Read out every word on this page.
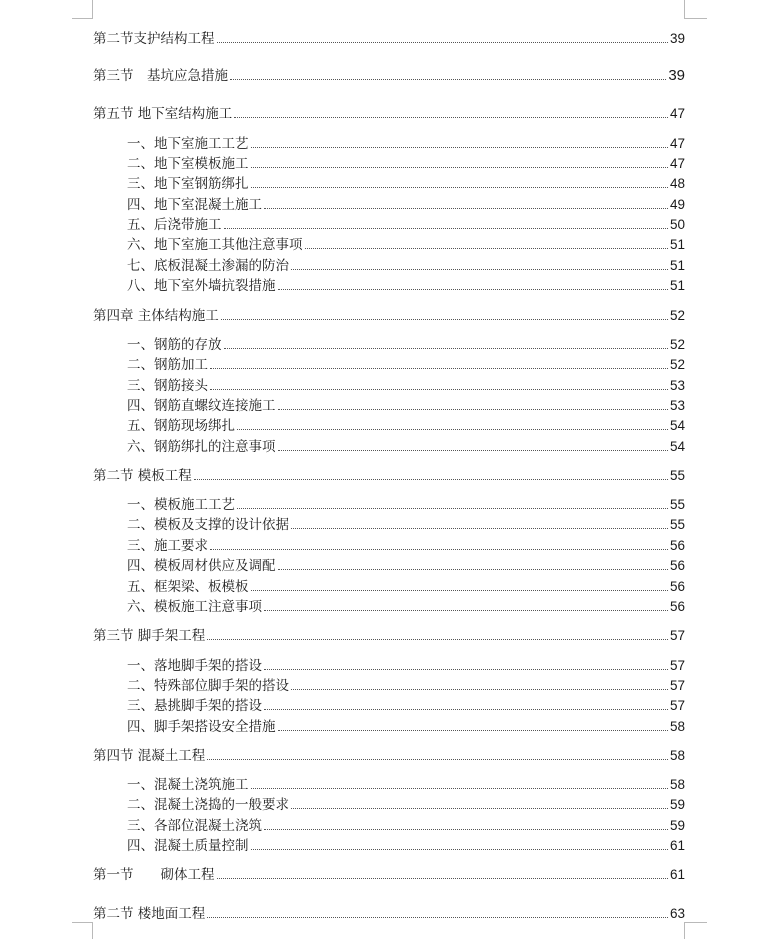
第二节支护结构工程	39
第三节　基坑应急措施	39
第五节 地下室结构施工	47
一、地下室施工工艺	47
二、地下室模板施工	47
三、地下室钢筋绑扎	48
四、地下室混凝土施工	49
五、后浇带施工	50
六、地下室施工其他注意事项	51
七、底板混凝土渗漏的防治	51
八、地下室外墙抗裂措施	51
第四章 主体结构施工	52
一、钢筋的存放	52
二、钢筋加工	52
三、钢筋接头	53
四、钢筋直螺纹连接施工	53
五、钢筋现场绑扎	54
六、钢筋绑扎的注意事项	54
第二节 模板工程	55
一、模板施工工艺	55
二、模板及支撑的设计依据	55
三、施工要求	56
四、模板周材供应及调配	56
五、框架梁、板模板	56
六、模板施工注意事项	56
第三节 脚手架工程	57
一、落地脚手架的搭设	57
二、特殊部位脚手架的搭设	57
三、悬挑脚手架的搭设	57
四、脚手架搭设安全措施	58
第四节 混凝土工程	58
一、混凝土浇筑施工	58
二、混凝土浇捣的一般要求	59
三、各部位混凝土浇筑	59
四、混凝土质量控制	61
第一节　　砌体工程	61
第二节 楼地面工程	63
